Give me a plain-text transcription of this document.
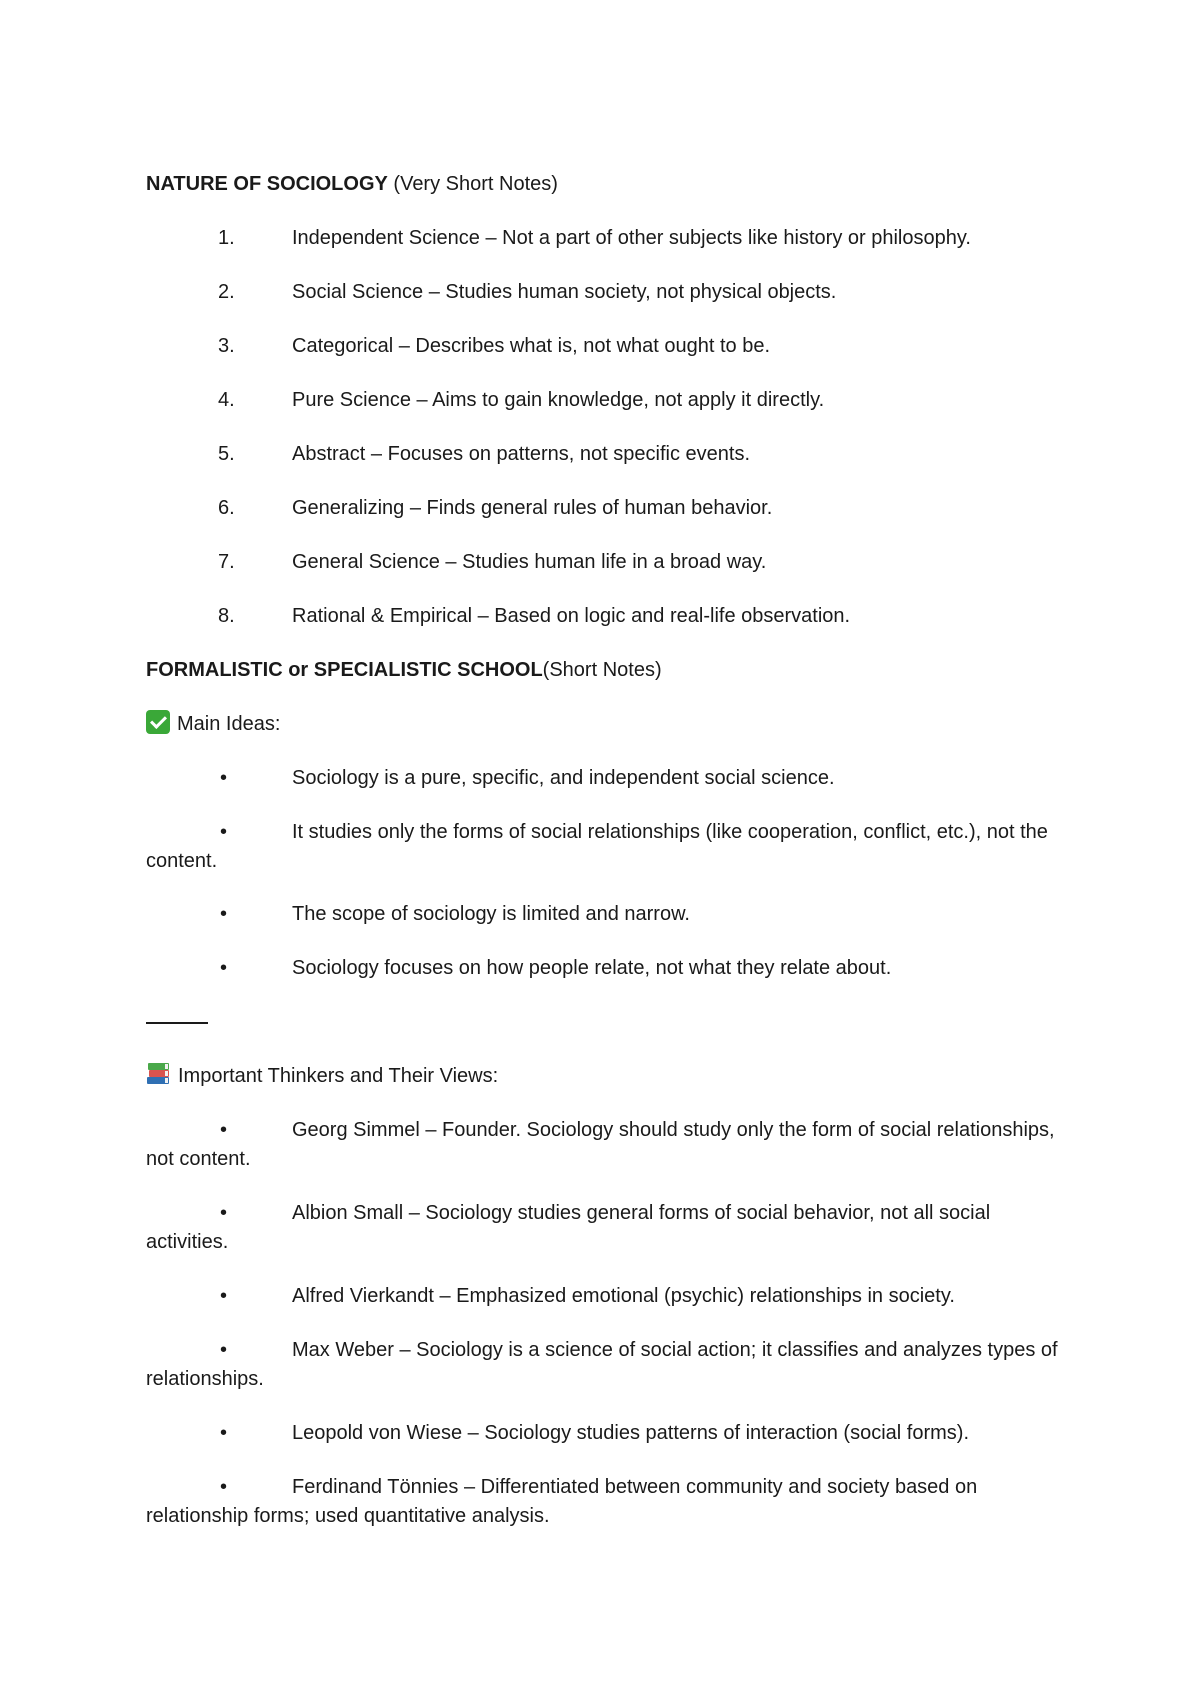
NATURE OF SOCIOLOGY (Very Short Notes)
1.	Independent Science – Not a part of other subjects like history or philosophy.
2.	Social Science – Studies human society, not physical objects.
3.	Categorical – Describes what is, not what ought to be.
4.	Pure Science – Aims to gain knowledge, not apply it directly.
5.	Abstract – Focuses on patterns, not specific events.
6.	Generalizing – Finds general rules of human behavior.
7.	General Science – Studies human life in a broad way.
8.	Rational & Empirical – Based on logic and real-life observation.
FORMALISTIC or SPECIALISTIC SCHOOL(Short Notes)
Main Ideas:
•	Sociology is a pure, specific, and independent social science.
•	It studies only the forms of social relationships (like cooperation, conflict, etc.), not the content.
•	The scope of sociology is limited and narrow.
•	Sociology focuses on how people relate, not what they relate about.
Important Thinkers and Their Views:
•	Georg Simmel – Founder. Sociology should study only the form of social relationships, not content.
•	Albion Small – Sociology studies general forms of social behavior, not all social activities.
•	Alfred Vierkandt – Emphasized emotional (psychic) relationships in society.
•	Max Weber – Sociology is a science of social action; it classifies and analyzes types of relationships.
•	Leopold von Wiese – Sociology studies patterns of interaction (social forms).
•	Ferdinand Tönnies – Differentiated between community and society based on relationship forms; used quantitative analysis.
